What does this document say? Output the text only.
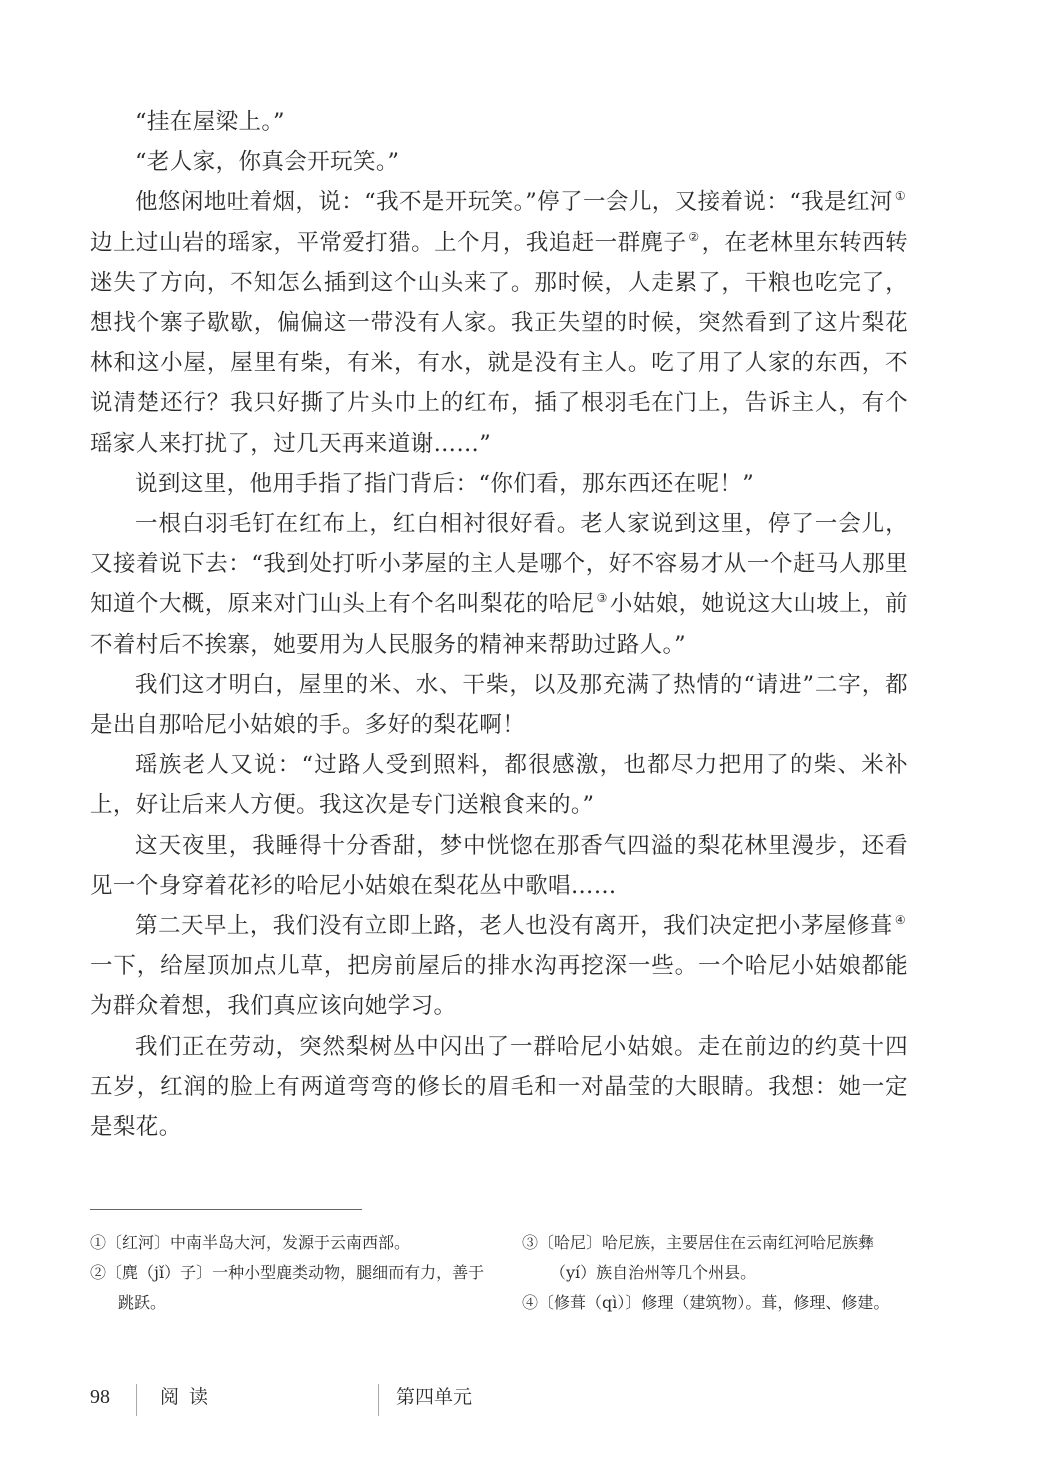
“挂在屋梁上。”

“老人家，你真会开玩笑。”

他悠闲地吐着烟，说：“我不是开玩笑。”停了一会儿，又接着说：“我是红河 ①边上过山岩的瑶家，平常爱打猎。上个月，我追赶一群麂子 ②，在老林里东转西转迷失了方向，不知怎么插到这个山头来了。那时候，人走累了，干粮也吃完了，想找个寨子歇歇，偏偏这一带没有人家。我正失望的时候，突然看到了这片梨花林和这小屋，屋里有柴，有米，有水，就是没有主人。吃了用了人家的东西，不说清楚还行？我只好撕了片头巾上的红布，插了根羽毛在门上，告诉主人，有个瑶家人来打扰了，过几天再来道谢……”

说到这里，他用手指了指门背后：“你们看，那东西还在呢！”

一根白羽毛钉在红布上，红白相衬很好看。老人家说到这里，停了一会儿，又接着说下去：“我到处打听小茅屋的主人是哪个，好不容易才从一个赶马人那里知道个大概，原来对门山头上有个名叫梨花的哈尼 ③小姑娘，她说这大山坡上，前不着村后不挨寨，她要用为人民服务的精神来帮助过路人。”

我们这才明白，屋里的米、水、干柴，以及那充满了热情的“请进”二字，都是出自那哈尼小姑娘的手。多好的梨花啊！

瑶族老人又说：“过路人受到照料，都很感激，也都尽力把用了的柴、米补上，好让后来人方便。我这次是专门送粮食来的。”

这天夜里，我睡得十分香甜，梦中恍惚在那香气四溢的梨花林里漫步，还看见一个身穿着花衫的哈尼小姑娘在梨花丛中歌唱……

第二天早上，我们没有立即上路，老人也没有离开，我们决定把小茅屋修葺 ④一下，给屋顶加点儿草，把房前屋后的排水沟再挖深一些。一个哈尼小姑娘都能为群众着想，我们真应该向她学习。

我们正在劳动，突然梨树丛中闪出了一群哈尼小姑娘。走在前边的约莫十四五岁，红润的脸上有两道弯弯的修长的眉毛和一对晶莹的大眼睛。我想：她一定是梨花。

①〔红河〕中南半岛大河，发源于云南西部。

②〔麂（jǐ）子〕一种小型鹿类动物，腿细而有力，善于跳跃。

③〔哈尼〕哈尼族，主要居住在云南红河哈尼族彝（yí）族自治州等几个州县。

④〔修葺（qì）〕修理（建筑物）。葺，修理、修建。

98	阅读	第四单元
